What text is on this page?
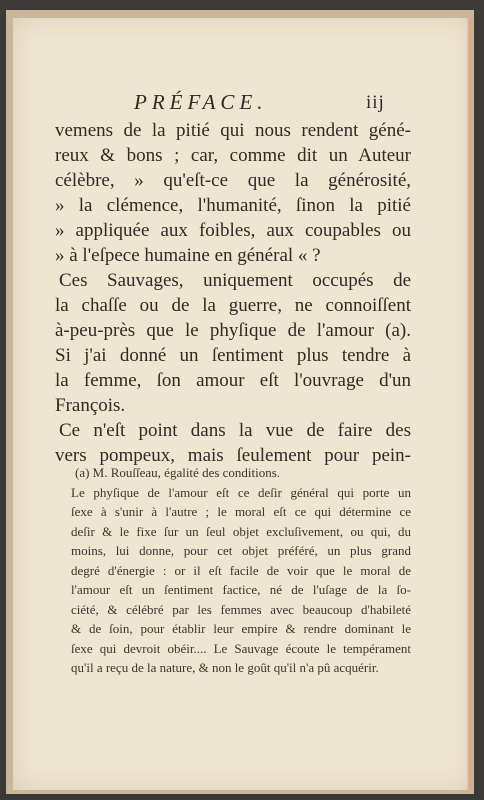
PRÉFACE.	iij
vemens de la pitié qui nous rendent géné-
reux & bons ; car, comme dit un Auteur
célèbre, » qu'eſt-ce que la générosité,
» la clémence, l'humanité, ſinon la pitié
» appliquée aux foibles, aux coupables ou
» à l'eſpece humaine en général « ?
Ces Sauvages, uniquement occupés de
la chaſſe ou de la guerre, ne connoiſſent
à-peu-près que le phyſique de l'amour (a).
Si j'ai donné un ſentiment plus tendre à
la femme, ſon amour eſt l'ouvrage d'un
François.
Ce n'eſt point dans la vue de faire des
vers pompeux, mais ſeulement pour pein-
(a) M. Rouſſeau, égalité des conditions.
Le phyſique de l'amour eſt ce deſir général qui porte un
ſexe à s'unir à l'autre ; le moral eſt ce qui détermine ce
deſir & le fixe ſur un ſeul objet excluſivement, ou qui, du
moins, lui donne, pour cet objet préféré, un plus grand
degré d'énergie : or il eſt facile de voir que le moral de
l'amour eſt un ſentiment factice, né de l'uſage de la ſo-
ciété, & célébré par les femmes avec beaucoup d'habileté
& de ſoin, pour établir leur empire & rendre dominant le
ſexe qui devroit obéir.... Le Sauvage écoute le tempérament
qu'il a reçu de la nature, & non le goût qu'il n'a pû acquérir.
